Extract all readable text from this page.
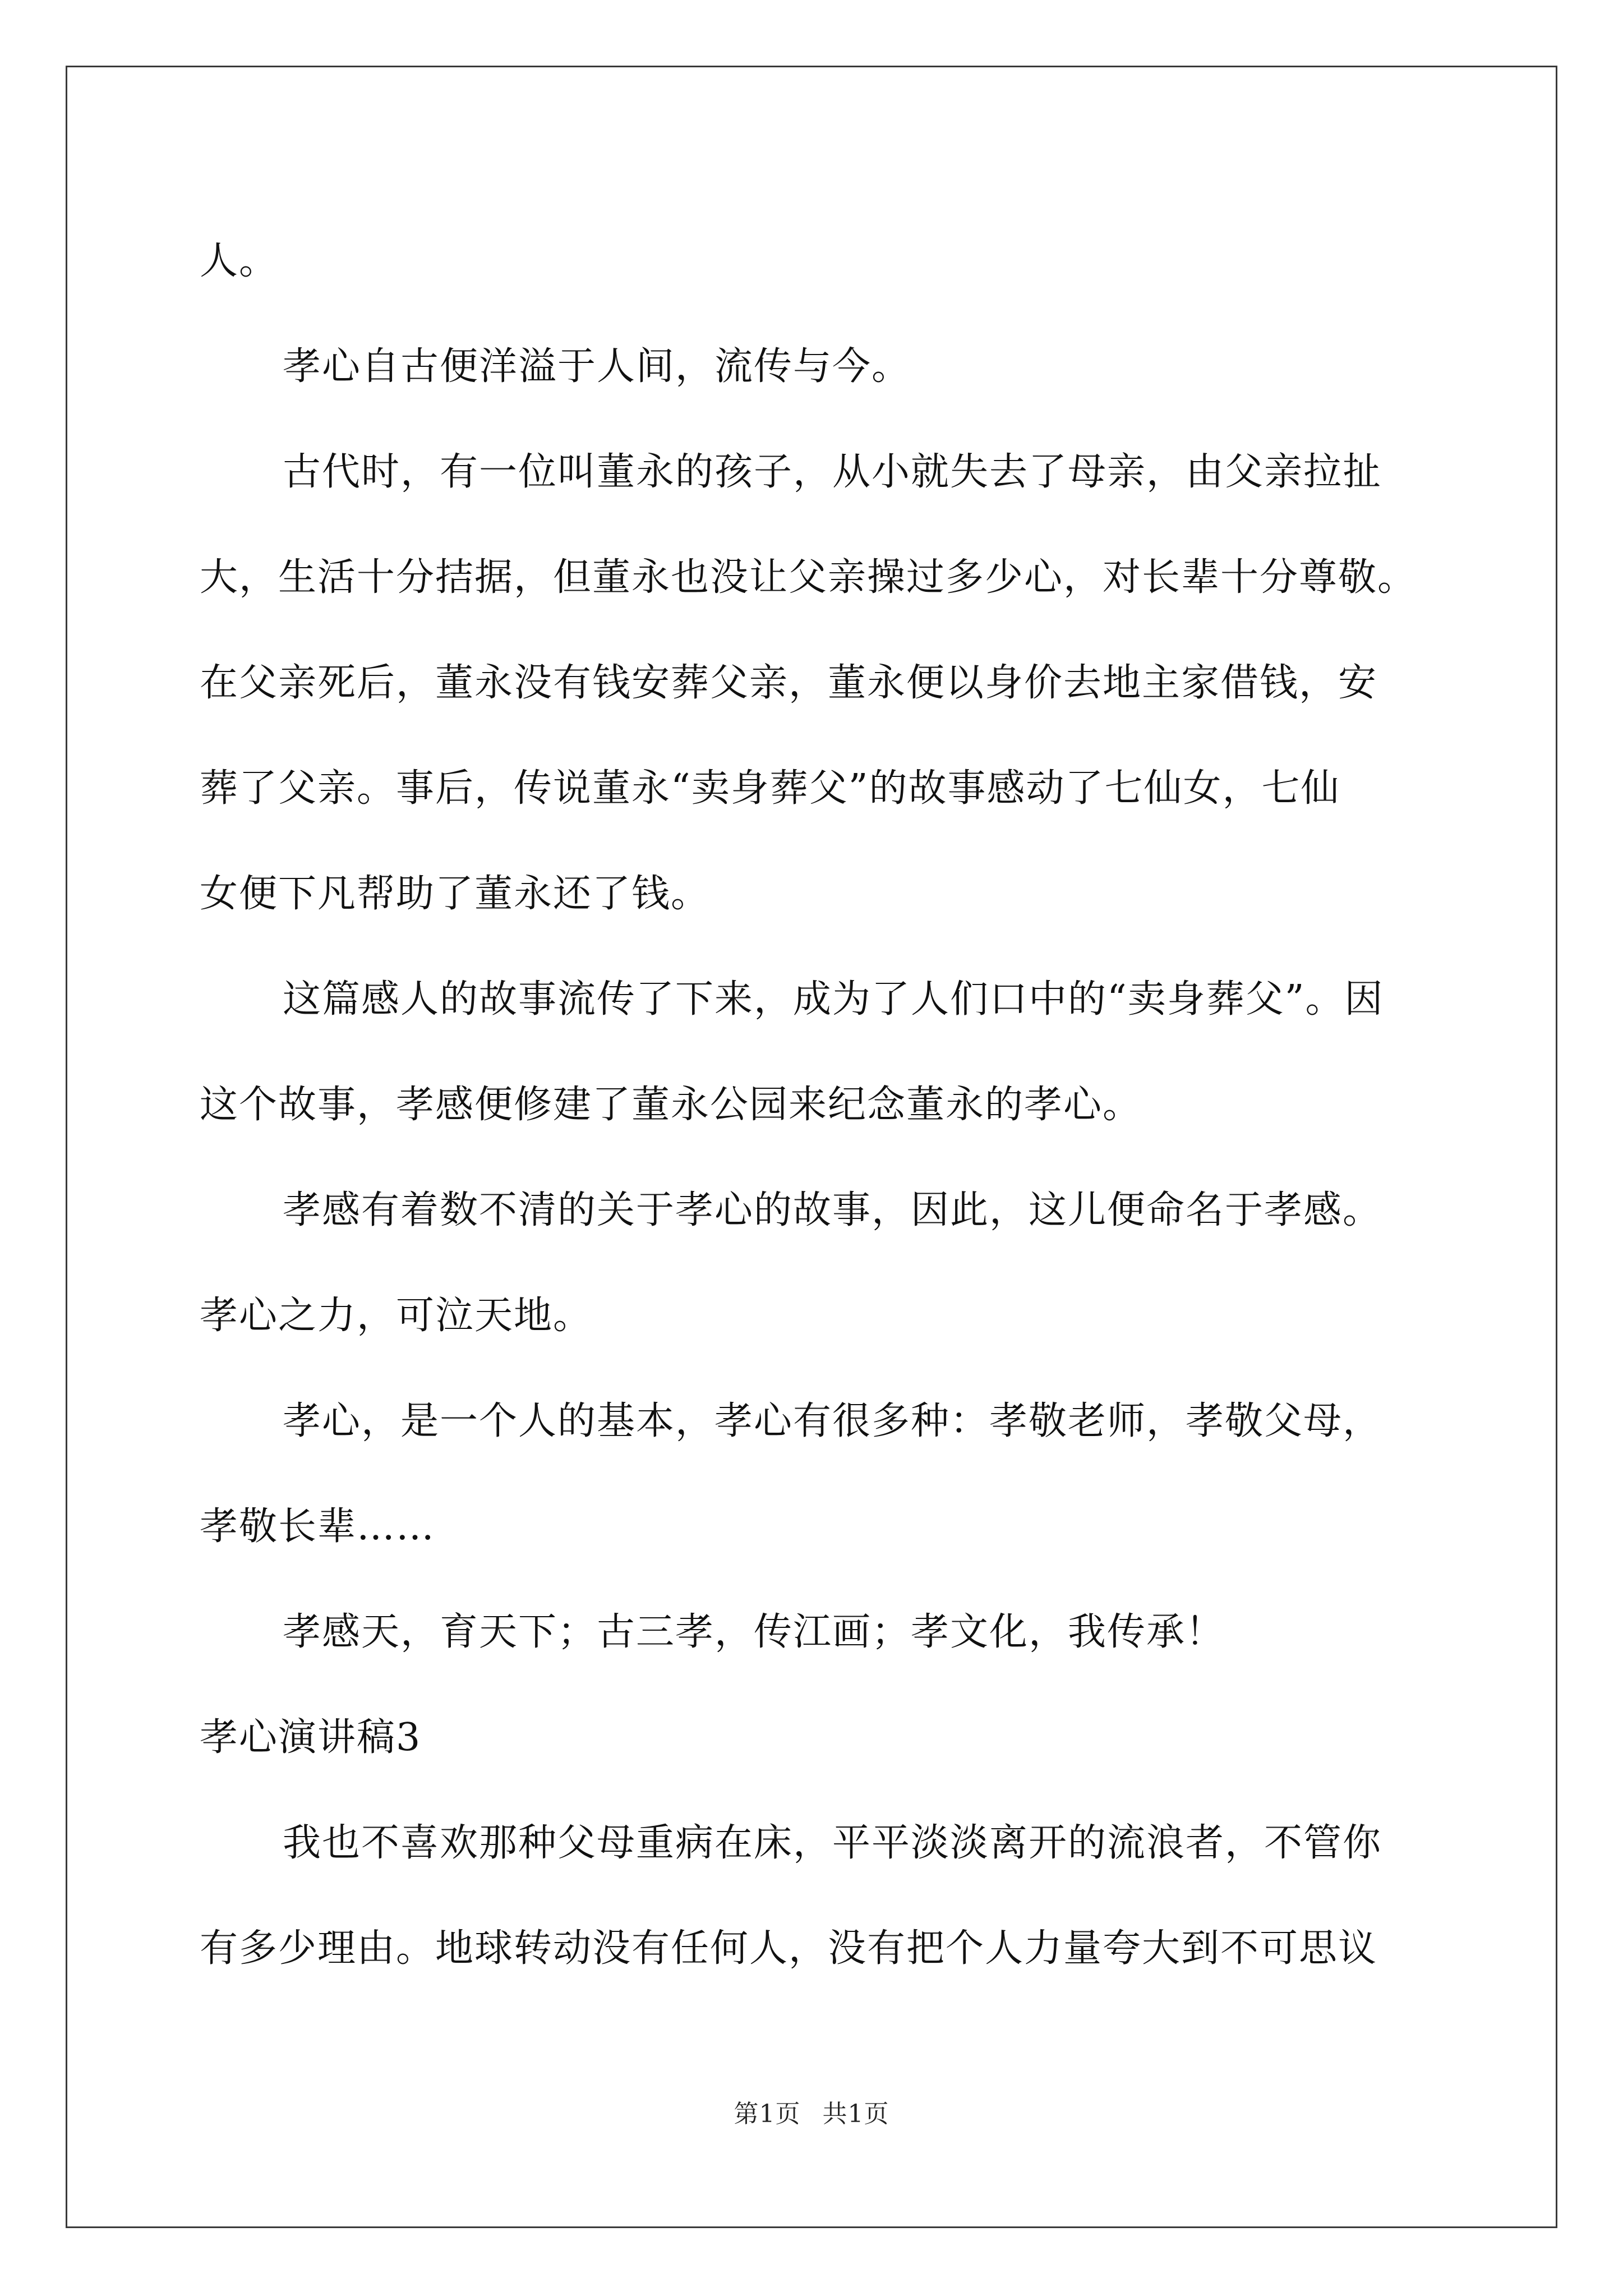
人。
孝心自古便洋溢于人间，流传与今。
古代时，有一位叫董永的孩子，从小就失去了母亲，由父亲拉扯
大，生活十分拮据，但董永也没让父亲操过多少心，对长辈十分尊敬。
在父亲死后，董永没有钱安葬父亲，董永便以身价去地主家借钱，安
葬了父亲。事后，传说董永“卖身葬父”的故事感动了七仙女，七仙
女便下凡帮助了董永还了钱。
这篇感人的故事流传了下来，成为了人们口中的“卖身葬父”。因
这个故事，孝感便修建了董永公园来纪念董永的孝心。
孝感有着数不清的关于孝心的故事，因此，这儿便命名于孝感。
孝心之力，可泣天地。
孝心，是一个人的基本，孝心有很多种：孝敬老师，孝敬父母，
孝敬长辈……
孝感天，育天下；古三孝，传江画；孝文化，我传承！
孝心演讲稿3
我也不喜欢那种父母重病在床，平平淡淡离开的流浪者，不管你
有多少理由。地球转动没有任何人，没有把个人力量夸大到不可思议
第1页 共1页
